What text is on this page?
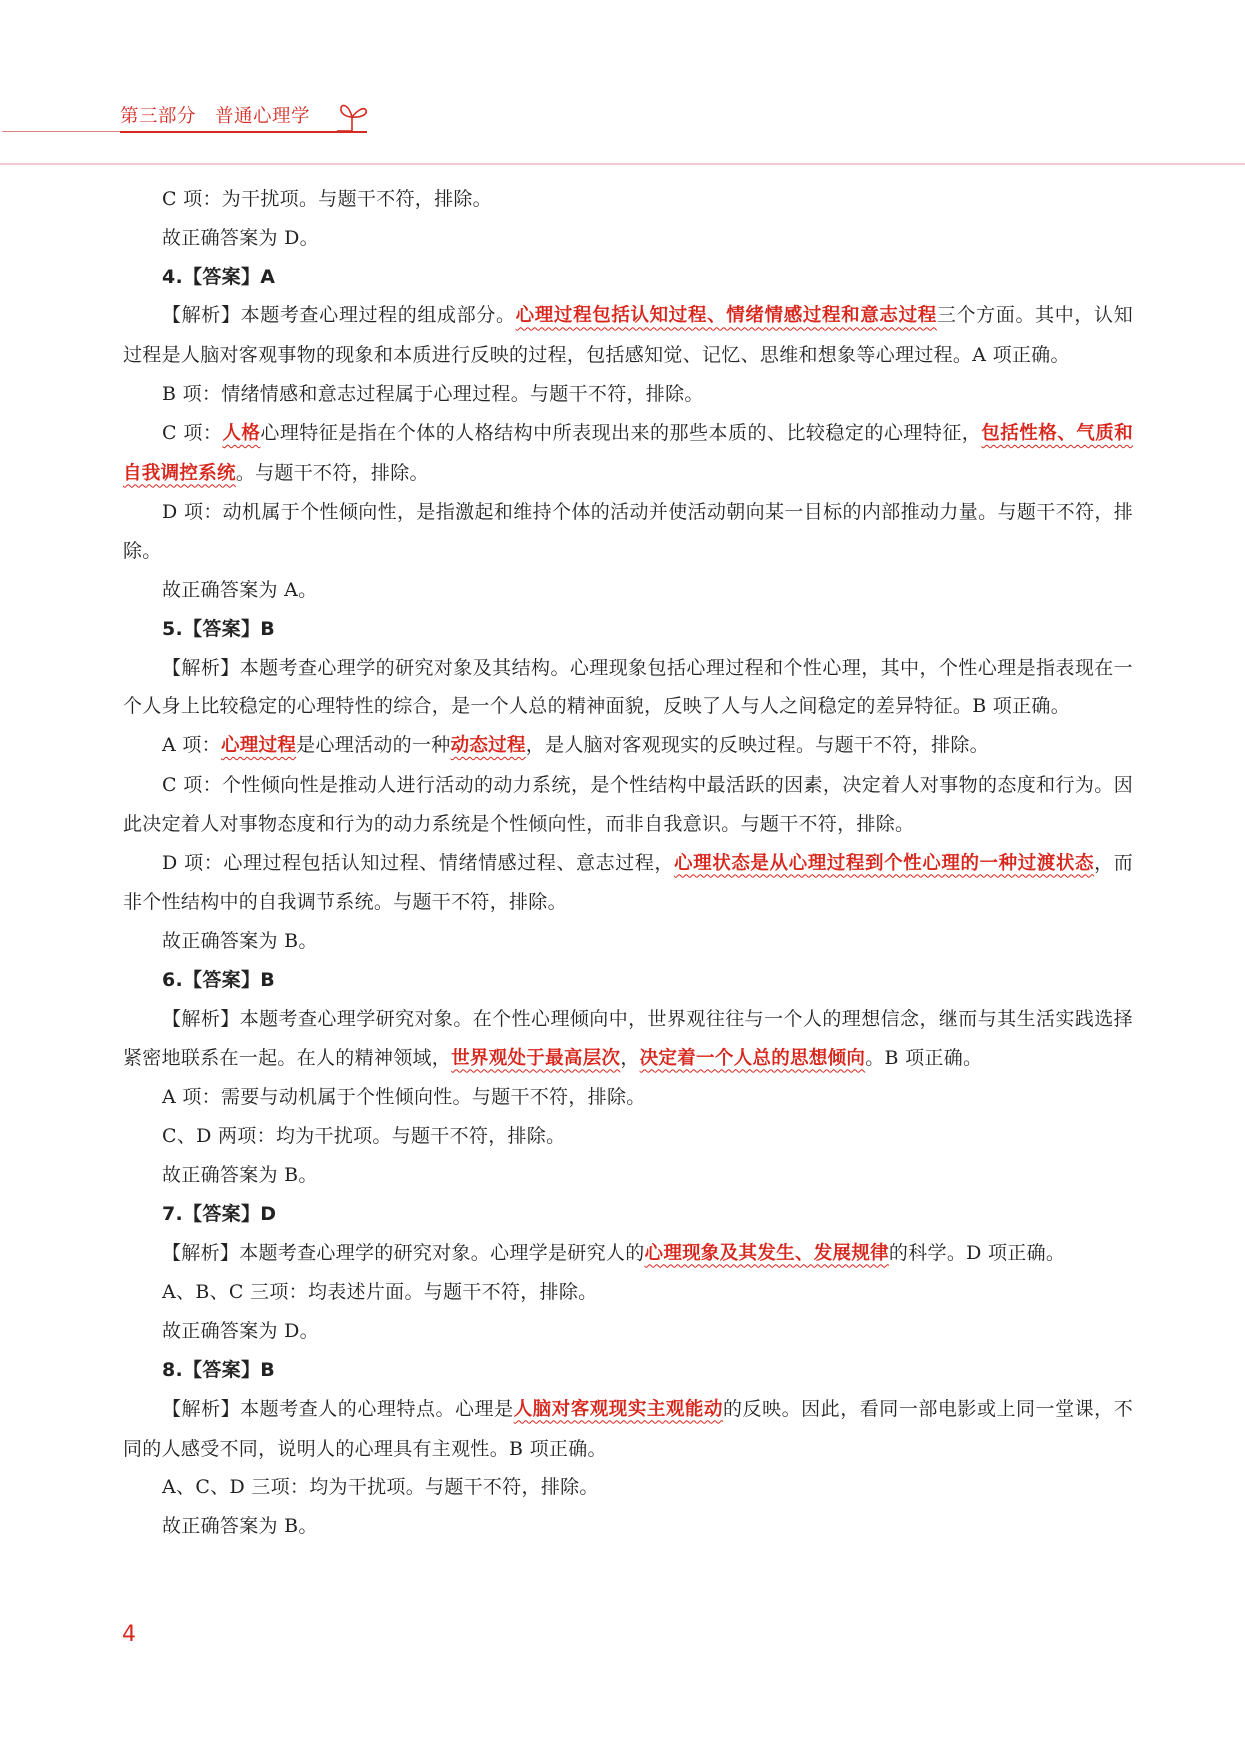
第三部分　普通心理学

C 项：为干扰项。与题干不符，排除。

故正确答案为 D。

4.【答案】A

【解析】本题考查心理过程的组成部分。心理过程包括认知过程、情绪情感过程和意志过程三个方面。其中，认知过程是人脑对客观事物的现象和本质进行反映的过程，包括感知觉、记忆、思维和想象等心理过程。A 项正确。

B 项：情绪情感和意志过程属于心理过程。与题干不符，排除。

C 项：人格心理特征是指在个体的人格结构中所表现出来的那些本质的、比较稳定的心理特征，包括性格、气质和自我调控系统。与题干不符，排除。

D 项：动机属于个性倾向性，是指激起和维持个体的活动并使活动朝向某一目标的内部推动力量。与题干不符，排除。

故正确答案为 A。

5.【答案】B

【解析】本题考查心理学的研究对象及其结构。心理现象包括心理过程和个性心理，其中，个性心理是指表现在一个人身上比较稳定的心理特性的综合，是一个人总的精神面貌，反映了人与人之间稳定的差异特征。B 项正确。

A 项：心理过程是心理活动的一种动态过程，是人脑对客观现实的反映过程。与题干不符，排除。

C 项：个性倾向性是推动人进行活动的动力系统，是个性结构中最活跃的因素，决定着人对事物的态度和行为。因此决定着人对事物态度和行为的动力系统是个性倾向性，而非自我意识。与题干不符，排除。

D 项：心理过程包括认知过程、情绪情感过程、意志过程，心理状态是从心理过程到个性心理的一种过渡状态，而非个性结构中的自我调节系统。与题干不符，排除。

故正确答案为 B。

6.【答案】B

【解析】本题考查心理学研究对象。在个性心理倾向中，世界观往往与一个人的理想信念，继而与其生活实践选择紧密地联系在一起。在人的精神领域，世界观处于最高层次，决定着一个人总的思想倾向。B 项正确。

A 项：需要与动机属于个性倾向性。与题干不符，排除。

C、D 两项：均为干扰项。与题干不符，排除。

故正确答案为 B。

7.【答案】D

【解析】本题考查心理学的研究对象。心理学是研究人的心理现象及其发生、发展规律的科学。D 项正确。

A、B、C 三项：均表述片面。与题干不符，排除。

故正确答案为 D。

8.【答案】B

【解析】本题考查人的心理特点。心理是人脑对客观现实主观能动的反映。因此，看同一部电影或上同一堂课，不同的人感受不同，说明人的心理具有主观性。B 项正确。

A、C、D 三项：均为干扰项。与题干不符，排除。

故正确答案为 B。

4
